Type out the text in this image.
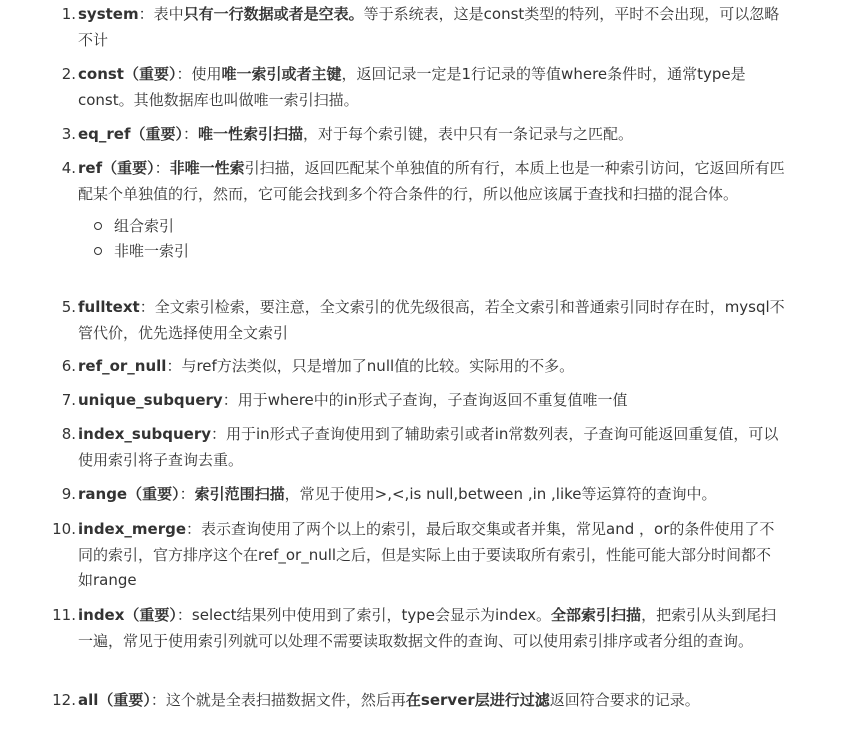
1. system：表中只有一行数据或者是空表。等于系统表，这是const类型的特列，平时不会出现，可以忽略不计
2. const（重要）：使用唯一索引或者主键，返回记录一定是1行记录的等值where条件时，通常type是const。其他数据库也叫做唯一索引扫描。
3. eq_ref（重要）：唯一性索引扫描，对于每个索引键，表中只有一条记录与之匹配。
4. ref（重要）：非唯一性索引扫描，返回匹配某个单独值的所有行，本质上也是一种索引访问，它返回所有匹配某个单独值的行，然而，它可能会找到多个符合条件的行，所以他应该属于查找和扫描的混合体。
组合索引
非唯一索引
5. fulltext：全文索引检索，要注意，全文索引的优先级很高，若全文索引和普通索引同时存在时，mysql不管代价，优先选择使用全文索引
6. ref_or_null：与ref方法类似，只是增加了null值的比较。实际用的不多。
7. unique_subquery：用于where中的in形式子查询，子查询返回不重复值唯一值
8. index_subquery：用于in形式子查询使用到了辅助索引或者in常数列表，子查询可能返回重复值，可以使用索引将子查询去重。
9. range（重要）：索引范围扫描，常见于使用>,<,is null,between ,in ,like等运算符的查询中。
10. index_merge：表示查询使用了两个以上的索引，最后取交集或者并集，常见and ，or的条件使用了不同的索引，官方排序这个在ref_or_null之后，但是实际上由于要读取所有索引，性能可能大部分时间都不如range
11. index（重要）：select结果列中使用到了索引，type会显示为index。全部索引扫描，把索引从头到尾扫一遍，常见于使用索引列就可以处理不需要读取数据文件的查询、可以使用索引排序或者分组的查询。
12. all（重要）：这个就是全表扫描数据文件，然后再在server层进行过滤返回符合要求的记录。
